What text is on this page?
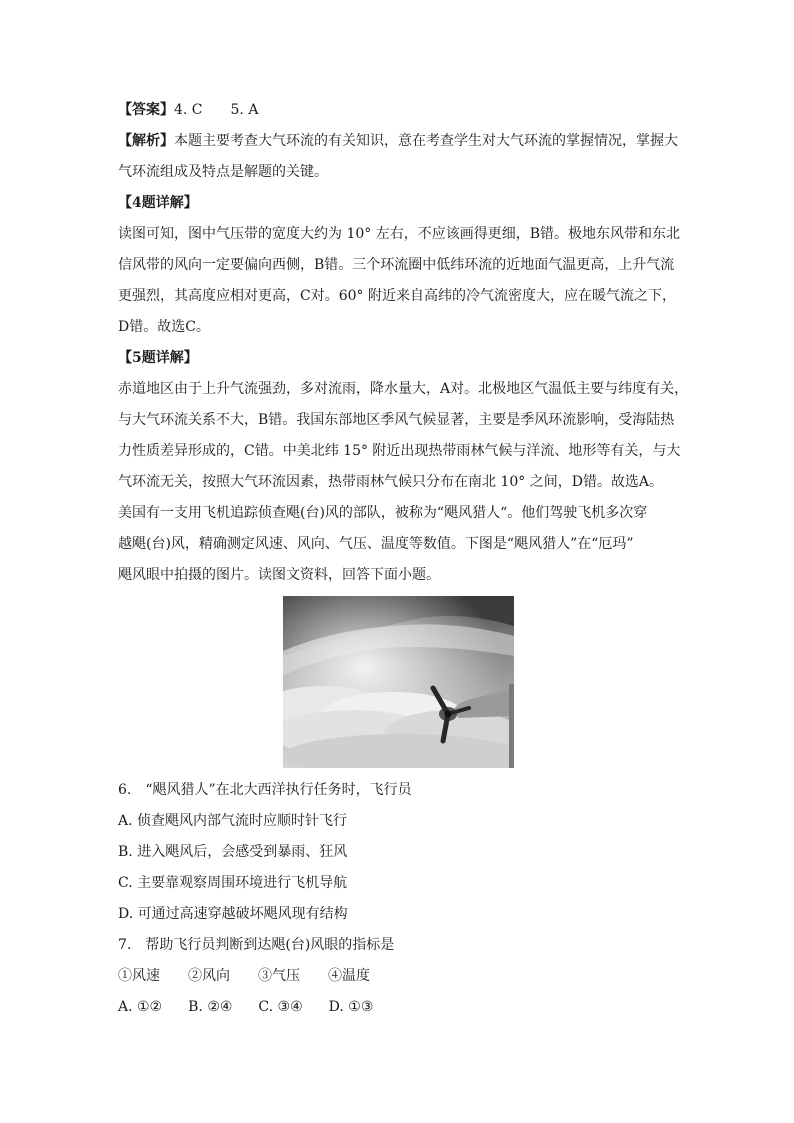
【答案】4. C　　5. A
【解析】本题主要考查大气环流的有关知识，意在考查学生对大气环流的掌握情况，掌握大
气环流组成及特点是解题的关键。
【4题详解】
读图可知，图中气压带的宽度大约为 10° 左右，不应该画得更细，B错。极地东风带和东北
信风带的风向一定要偏向西侧，B错。三个环流圈中低纬环流的近地面气温更高，上升气流
更强烈，其高度应相对更高，C对。60° 附近来自高纬的冷气流密度大，应在暖气流之下，
D错。故选C。
【5题详解】
赤道地区由于上升气流强劲，多对流雨，降水量大，A对。北极地区气温低主要与纬度有关，
与大气环流关系不大，B错。我国东部地区季风气候显著，主要是季风环流影响，受海陆热
力性质差异形成的，C错。中美北纬 15° 附近出现热带雨林气候与洋流、地形等有关，与大
气环流无关，按照大气环流因素，热带雨林气候只分布在南北 10° 之间，D错。故选A。
美国有一支用飞机追踪侦查飓(台)风的部队，被称为“飓风猎人“。他们驾驶飞机多次穿
越飓(台)风，精确测定风速、风向、气压、温度等数值。下图是“飓风猎人”在“厄玛”
飓风眼中拍摄的图片。读图文资料，回答下面小题。
6.　“飓风猎人”在北大西洋执行任务时，飞行员
A. 侦查飓风内部气流时应顺时针飞行
B. 进入飓风后，会感受到暴雨、狂风
C. 主要靠观察周围环境进行飞机导航
D. 可通过高速穿越破坏飓风现有结构
7.　帮助飞行员判断到达飓(台)风眼的指标是
①风速 ②风向 ③气压 ④温度
A. ①② B. ②④ C. ③④ D. ①③
